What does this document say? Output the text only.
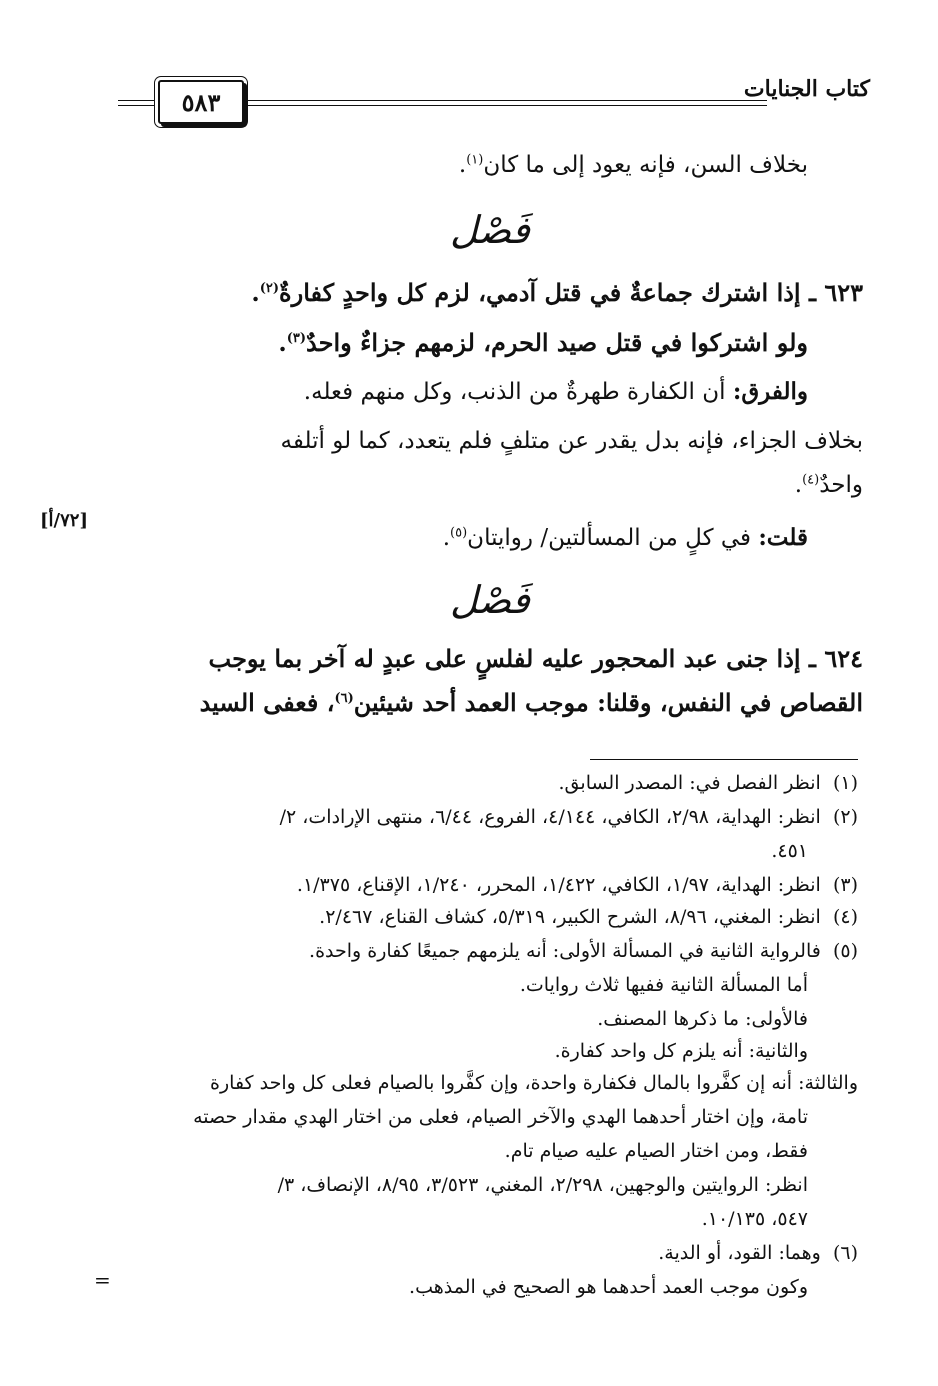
كتاب الجنايات
٥٨٣
[٧٢/أ]
بخلاف السن، فإنه يعود إلى ما كان$^{(١)}$.
فَصْل
٦٢٣ ـ إذا اشترك جماعةٌ في قتل آدمي، لزم كل واحدٍ كفارةٌ$^{(٢)}$.
ولو اشتركوا في قتل صيد الحرم، لزمهم جزاءٌ واحدٌ$^{(٣)}$.
والفرق: أن الكفارة طهرةٌ من الذنب، وكل منهم فعله.
بخلاف الجزاء، فإنه بدل يقدر عن متلفٍ فلم يتعدد، كما لو أتلفه
واحدٌ$^{(٤)}$.
قلت: في كلٍ من المسألتين/ روايتان$^{(٥)}$.
فَصْل
٦٢٤ ـ إذا جنى عبد المحجور عليه لفلسٍ على عبدٍ له آخر بما يوجب
القصاص في النفس، وقلنا: موجب العمد أحد شيئين$^{(٦)}$، فعفى السيد
(١)  انظر الفصل في: المصدر السابق.
(٢)  انظر: الهداية، ٢/٩٨، الكافي، ٤/١٤٤، الفروع، ٦/٤٤، منتهى الإرادات، ٢/
٤٥١.
(٣)  انظر: الهداية، ١/٩٧، الكافي، ١/٤٢٢، المحرر، ١/٢٤٠، الإقناع، ١/٣٧٥.
(٤)  انظر: المغني، ٨/٩٦، الشرح الكبير، ٥/٣١٩، كشاف القناع، ٢/٤٦٧.
(٥)  فالرواية الثانية في المسألة الأولى: أنه يلزمهم جميعًا كفارة واحدة.
أما المسألة الثانية ففيها ثلاث روايات.
فالأولى: ما ذكرها المصنف.
والثانية: أنه يلزم كل واحد كفارة.
والثالثة: أنه إن كفَّروا بالمال فكفارة واحدة، وإن كفَّروا بالصيام فعلى كل واحد كفارة
تامة، وإن اختار أحدهما الهدي والآخر الصيام، فعلى من اختار الهدي مقدار حصته
فقط، ومن اختار الصيام عليه صيام تام.
انظر: الروايتين والوجهين، ٢/٢٩٨، المغني، ٣/٥٢٣، ٨/٩٥، الإنصاف، ٣/
٥٤٧، ١٠/١٣٥.
(٦)  وهما: القود، أو الدية.
وكون موجب العمد أحدهما هو الصحيح في المذهب.
=
